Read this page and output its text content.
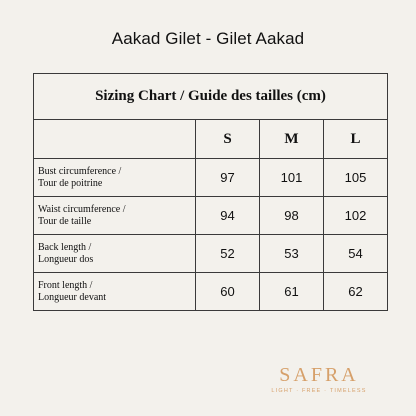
Aakad Gilet - Gilet Aakad
Sizing Chart / Guide des tailles (cm)			
	S	M	L

Bust circumference /
Tour de poitrine	97	101	105

Waist circumference /
Tour de taille	94	98	102

Back length /
Longueur dos	52	53	54

Front length /
Longueur devant	60	61	62
SAFRA
LIGHT · FREE · TIMELESS
